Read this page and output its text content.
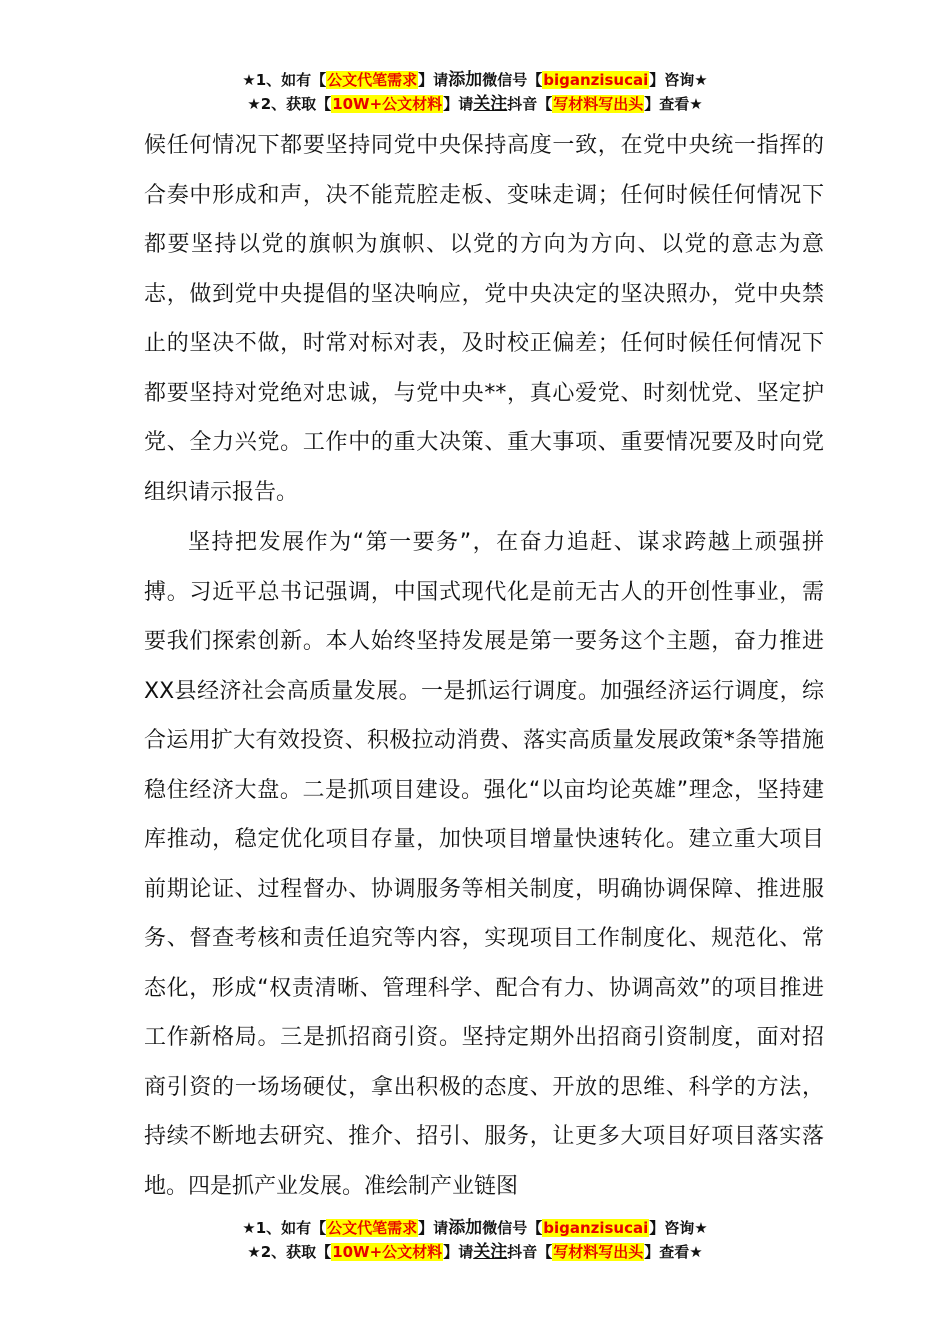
★1、如有【公文代笔需求】请添加微信号【biganzisucai】咨询★
★2、获取【10W+公文材料】请关注抖音【写材料写出头】查看★

候任何情况下都要坚持同党中央保持高度一致，在党中央统一指挥的合奏中形成和声，决不能荒腔走板、变味走调；任何时候任何情况下都要坚持以党的旗帜为旗帜、以党的方向为方向、以党的意志为意志，做到党中央提倡的坚决响应，党中央决定的坚决照办，党中央禁止的坚决不做，时常对标对表，及时校正偏差；任何时候任何情况下都要坚持对党绝对忠诚，与党中央**，真心爱党、时刻忧党、坚定护党、全力兴党。工作中的重大决策、重大事项、重要情况要及时向党组织请示报告。

坚持把发展作为“第一要务”，在奋力追赶、谋求跨越上顽强拼搏。习近平总书记强调，中国式现代化是前无古人的开创性事业，需要我们探索创新。本人始终坚持发展是第一要务这个主题，奋力推进XX县经济社会高质量发展。一是抓运行调度。加强经济运行调度，综合运用扩大有效投资、积极拉动消费、落实高质量发展政策*条等措施稳住经济大盘。二是抓项目建设。强化“以亩均论英雄”理念，坚持建库推动，稳定优化项目存量，加快项目增量快速转化。建立重大项目前期论证、过程督办、协调服务等相关制度，明确协调保障、推进服务、督查考核和责任追究等内容，实现项目工作制度化、规范化、常态化，形成“权责清晰、管理科学、配合有力、协调高效”的项目推进工作新格局。三是抓招商引资。坚持定期外出招商引资制度，面对招商引资的一场场硬仗，拿出积极的态度、开放的思维、科学的方法，持续不断地去研究、推介、招引、服务，让更多大项目好项目落实落地。四是抓产业发展。准绘制产业链图

★1、如有【公文代笔需求】请添加微信号【biganzisucai】咨询★
★2、获取【10W+公文材料】请关注抖音【写材料写出头】查看★
